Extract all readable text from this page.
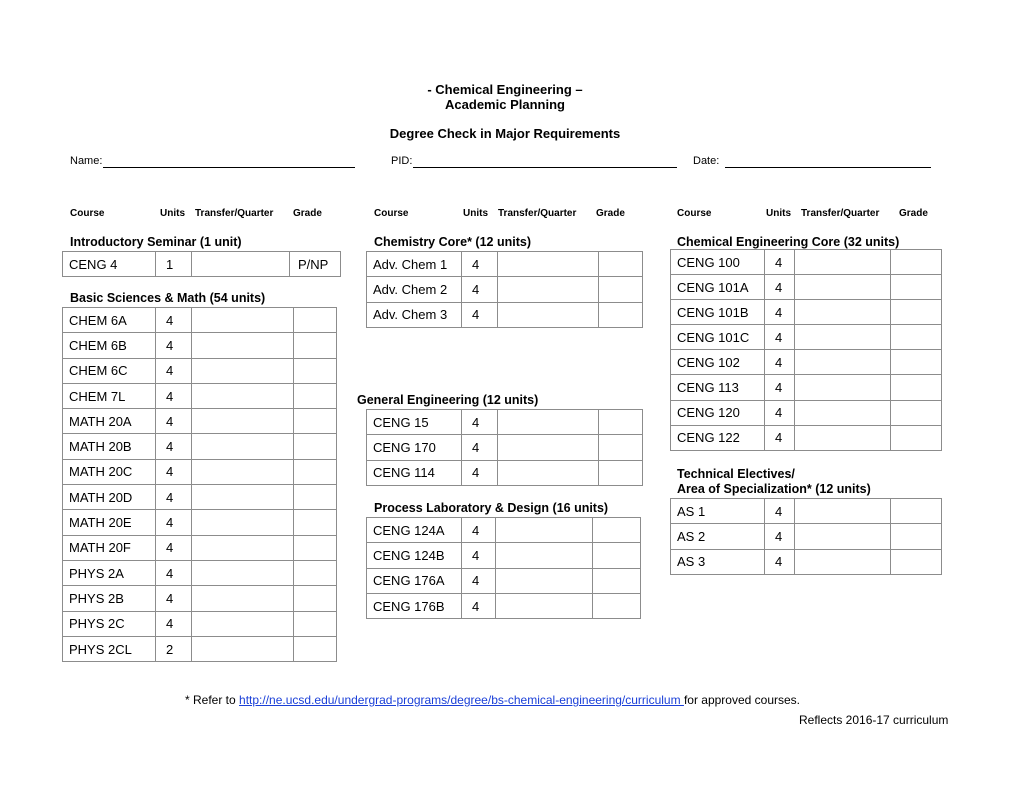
- Chemical Engineering –
Academic Planning
Degree Check in Major Requirements
Name:	PID:	Date:
Course	Units Transfer/Quarter Grade	Course	Units Transfer/Quarter Grade	Course	Units Transfer/Quarter Grade
Introductory Seminar (1 unit)
CENG 4	1		P/NP
Basic Sciences & Math (54 units)
CHEM 6A	4		
CHEM 6B	4		
CHEM 6C	4		
CHEM 7L	4		
MATH 20A	4		
MATH 20B	4		
MATH 20C	4		
MATH 20D	4		
MATH 20E	4		
MATH 20F	4		
PHYS 2A	4		
PHYS 2B	4		
PHYS 2C	4		
PHYS 2CL	2		
Chemistry Core* (12 units)
Adv. Chem 1	4		
Adv. Chem 2	4		
Adv. Chem 3	4		
General Engineering (12 units)
CENG 15	4		
CENG 170	4		
CENG 114	4		
Process Laboratory & Design (16 units)
CENG 124A	4		
CENG 124B	4		
CENG 176A	4		
CENG 176B	4		
Chemical Engineering Core (32 units)
CENG 100	4		
CENG 101A	4		
CENG 101B	4		
CENG 101C	4		
CENG 102	4		
CENG 113	4		
CENG 120	4		
CENG 122	4		
Technical Electives/
Area of Specialization* (12 units)
AS 1	4		
AS 2	4		
AS 3	4		
* Refer to http://ne.ucsd.edu/undergrad-programs/degree/bs-chemical-engineering/curriculum for approved courses.
Reflects 2016-17 curriculum
